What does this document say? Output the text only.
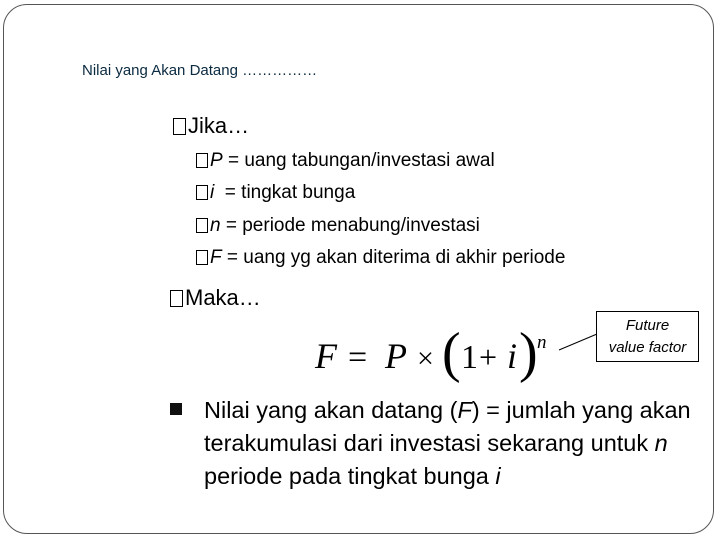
Nilai yang Akan Datang ……………
Jika…
P = uang tabungan/investasi awal
i  = tingkat bunga
n = periode menabung/investasi
F = uang yg akan diterima di akhir periode
Maka…
F = P × ( 1 + i ) n
Future
value factor
Nilai yang akan datang (F) = jumlah yang akan terakumulasi dari investasi sekarang untuk n periode pada tingkat bunga i
